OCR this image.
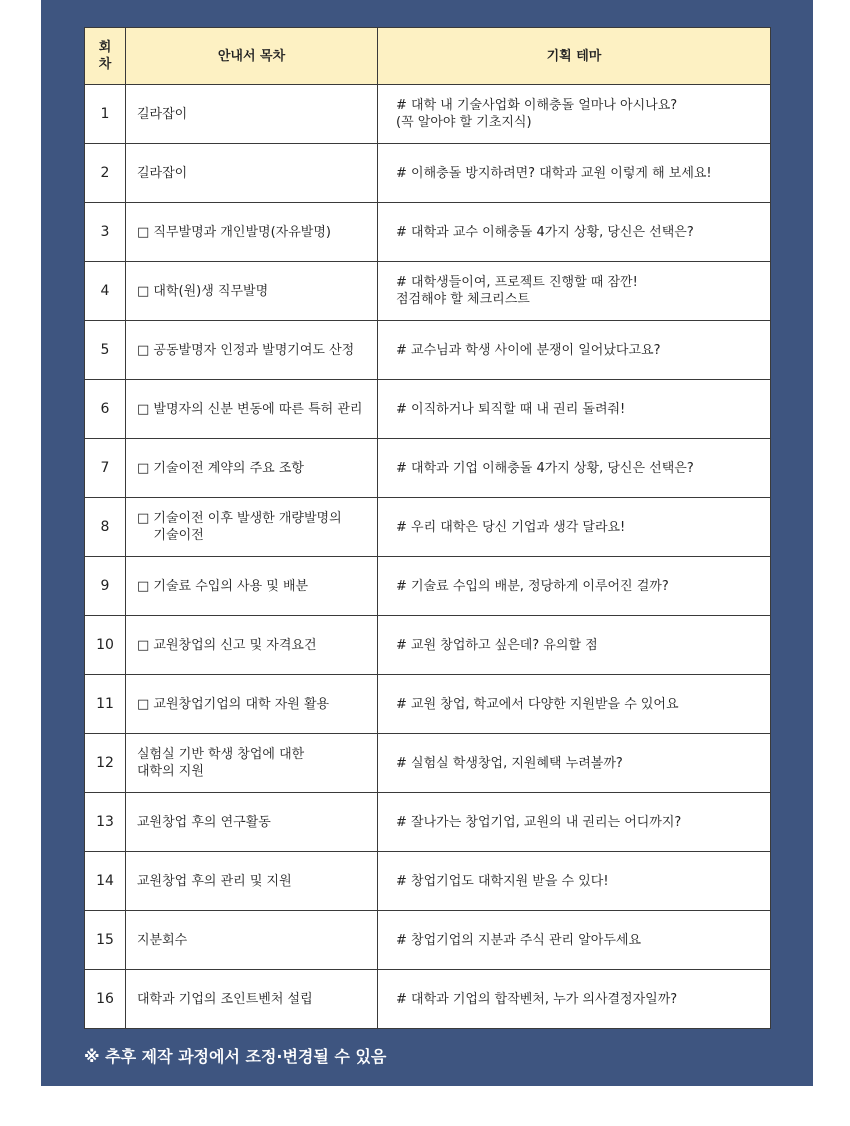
회
차	안내서 목차	기획 테마
1	길라잡이	# 대학 내 기술사업화 이해충돌 얼마나 아시나요?
(꼭 알아야 할 기초지식)
2	길라잡이	# 이해충돌 방지하려면? 대학과 교원 이렇게 해 보세요!
3	□ 직무발명과 개인발명(자유발명)	# 대학과 교수 이해충돌 4가지 상황, 당신은 선택은?
4	□ 대학(원)생 직무발명	# 대학생들이여, 프로젝트 진행할 때 잠깐!
점검해야 할 체크리스트
5	□ 공동발명자 인정과 발명기여도 산정	# 교수님과 학생 사이에 분쟁이 일어났다고요?
6	□ 발명자의 신분 변동에 따른 특허 관리	# 이직하거나 퇴직할 때 내 권리 돌려줘!
7	□ 기술이전 계약의 주요 조항	# 대학과 기업 이해충돌 4가지 상황, 당신은 선택은?
8	□ 기술이전 이후 발생한 개량발명의
기술이전	# 우리 대학은 당신 기업과 생각 달라요!
9	□ 기술료 수입의 사용 및 배분	# 기술료 수입의 배분, 정당하게 이루어진 걸까?
10	□ 교원창업의 신고 및 자격요건	# 교원 창업하고 싶은데? 유의할 점
11	□ 교원창업기업의 대학 자원 활용	# 교원 창업, 학교에서 다양한 지원받을 수 있어요
12	실험실 기반 학생 창업에 대한
대학의 지원	# 실험실 학생창업, 지원혜택 누려볼까?
13	교원창업 후의 연구활동	# 잘나가는 창업기업, 교원의 내 권리는 어디까지?
14	교원창업 후의 관리 및 지원	# 창업기업도 대학지원 받을 수 있다!
15	지분회수	# 창업기업의 지분과 주식 관리 알아두세요
16	대학과 기업의 조인트벤처 설립	# 대학과 기업의 합작벤처, 누가 의사결정자일까?
※ 추후 제작 과정에서 조정·변경될 수 있음
